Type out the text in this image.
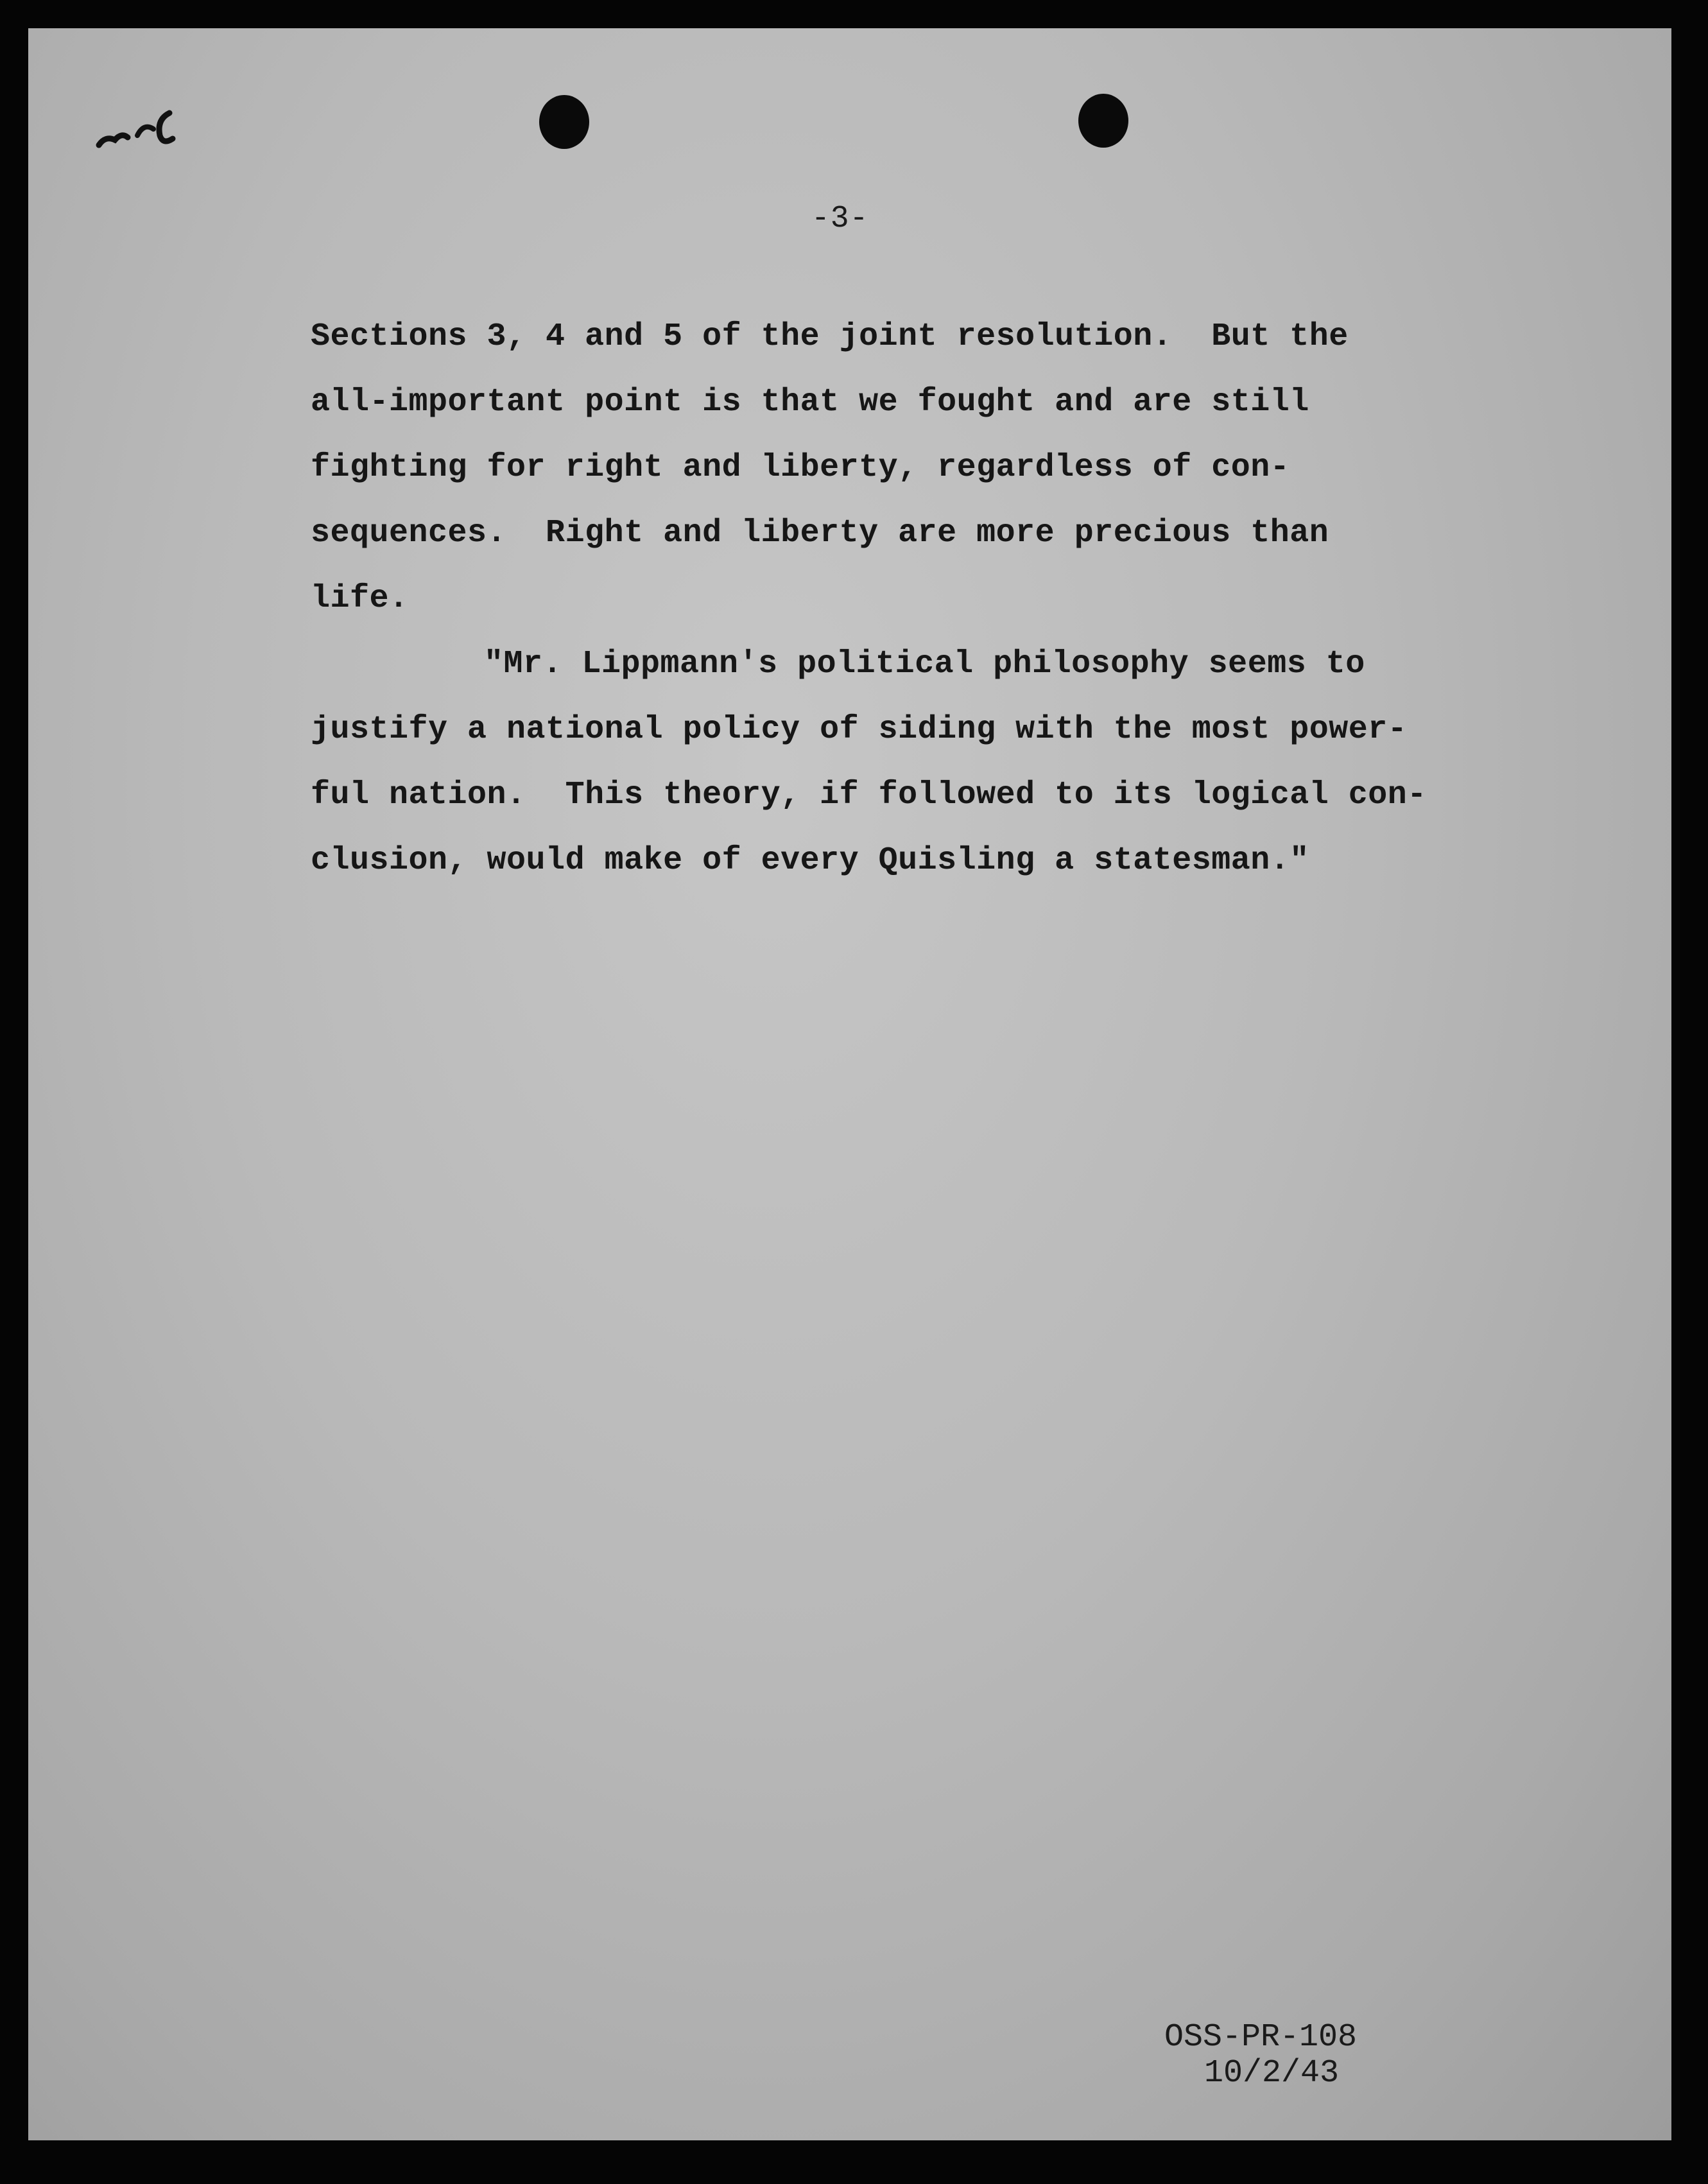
-3-
Sections 3, 4 and 5 of the joint resolution.  But the
all-important point is that we fought and are still
fighting for right and liberty, regardless of con-
sequences.  Right and liberty are more precious than
life.
"Mr. Lippmann's political philosophy seems to
justify a national policy of siding with the most power-
ful nation.  This theory, if followed to its logical con-
clusion, would make of every Quisling a statesman."
OSS-PR-108
10/2/43
